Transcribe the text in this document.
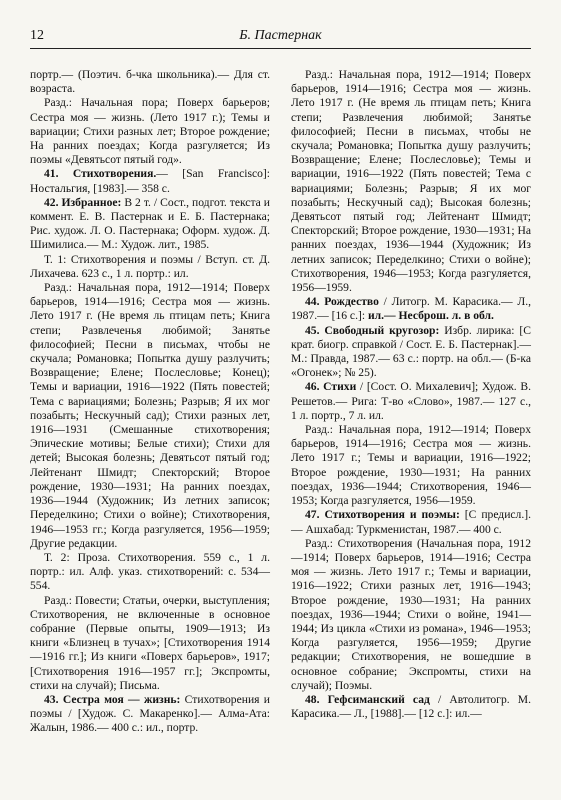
12	Б. Пастернак

портр.— (Поэтич. б-чка школьника).— Для ст. возраста.

Разд.: Начальная пора; Поверх барьеров; Сестра моя — жизнь. (Лето 1917 г.); Темы и вариации; Стихи разных лет; Второе рождение; На ранних поездах; Когда разгуляется; Из поэмы «Девятьсот пятый год».

41. Стихотворения.— [San Francisco]: Ностальгия, [1983].— 358 с.

42. Избранное: В 2 т. / Сост., подгот. текста и коммент. Е. В. Пастернак и Е. Б. Пастернака; Рис. худож. Л. О. Пастернака; Оформ. худож. Д. Шимилиса.— М.: Худож. лит., 1985.

Т. 1: Стихотворения и поэмы / Вступ. ст. Д. Лихачева. 623 с., 1 л. портр.: ил.

Разд.: Начальная пора, 1912—1914; Поверх барьеров, 1914—1916; Сестра моя — жизнь. Лето 1917 г. (Не время ль птицам петь; Книга степи; Развлеченья любимой; Занятье философией; Песни в письмах, чтобы не скучала; Романовка; Попытка душу разлучить; Возвращение; Елене; Послесловье; Конец); Темы и вариации, 1916—1922 (Пять повестей; Тема с вариациями; Болезнь; Разрыв; Я их мог позабыть; Нескучный сад); Стихи разных лет, 1916—1931 (Смешанные стихотворения; Эпические мотивы; Белые стихи); Стихи для детей; Высокая болезнь; Девятьсот пятый год; Лейтенант Шмидт; Спекторский; Второе рождение, 1930—1931; На ранних поездах, 1936—1944 (Художник; Из летних записок; Переделкино; Стихи о войне); Стихотворения, 1946—1953 гг.; Когда разгуляется, 1956—1959; Другие редакции.

Т. 2: Проза. Стихотворения. 559 с., 1 л. портр.: ил. Алф. указ. стихотворений: с. 534—554.

Разд.: Повести; Статьи, очерки, выступления; Стихотворения, не включенные в основное собрание (Первые опыты, 1909—1913; Из книги «Близнец в тучах»; [Стихотворения 1914—1916 гг.]; Из книги «Поверх барьеров», 1917; [Стихотворения 1916—1957 гг.]; Экспромты, стихи на случай); Письма.

43. Сестра моя — жизнь: Стихотворения и поэмы / [Худож. С. Макаренко].— Алма-Ата: Жалын, 1986.— 400 с.: ил., портр.

Разд.: Начальная пора, 1912—1914; Поверх барьеров, 1914—1916; Сестра моя — жизнь. Лето 1917 г. (Не время ль птицам петь; Книга степи; Развлечения любимой; Занятье философией; Песни в письмах, чтобы не скучала; Романовка; Попытка душу разлучить; Возвращение; Елене; Послесловье); Темы и вариации, 1916—1922 (Пять повестей; Тема с вариациями; Болезнь; Разрыв; Я их мог позабыть; Нескучный сад); Высокая болезнь; Девятьсот пятый год; Лейтенант Шмидт; Спекторский; Второе рождение, 1930—1931; На ранних поездах, 1936—1944 (Художник; Из летних записок; Переделкино; Стихи о войне); Стихотворения, 1946—1953; Когда разгуляется, 1956—1959.

44. Рождество / Литогр. М. Карасика.— Л., 1987.— [16 с.]: ил.— Несброш. л. в обл.

45. Свободный кругозор: Избр. лирика: [С крат. биогр. справкой / Сост. Е. Б. Пастернак].— М.: Правда, 1987.— 63 с.: портр. на обл.— (Б-ка «Огонек»; № 25).

46. Стихи / [Сост. О. Михалевич]; Худож. В. Решетов.— Рига: Т-во «Слово», 1987.— 127 с., 1 л. портр., 7 л. ил.

Разд.: Начальная пора, 1912—1914; Поверх барьеров, 1914—1916; Сестра моя — жизнь. Лето 1917 г.; Темы и вариации, 1916—1922; Второе рождение, 1930—1931; На ранних поездах, 1936—1944; Стихотворения, 1946—1953; Когда разгуляется, 1956—1959.

47. Стихотворения и поэмы: [С предисл.].— Ашхабад: Туркменистан, 1987.— 400 с.

Разд.: Стихотворения (Начальная пора, 1912—1914; Поверх барьеров, 1914—1916; Сестра моя — жизнь. Лето 1917 г.; Темы и вариации, 1916—1922; Стихи разных лет, 1916—1943; Второе рождение, 1930—1931; На ранних поездах, 1936—1944; Стихи о войне, 1941—1944; Из цикла «Стихи из романа», 1946—1953; Когда разгуляется, 1956—1959; Другие редакции; Стихотворения, не вошедшие в основное собрание; Экспромты, стихи на случай); Поэмы.

48. Гефсиманский сад / Автолитогр. М. Карасика.— Л., [1988].— [12 с.]: ил.—
